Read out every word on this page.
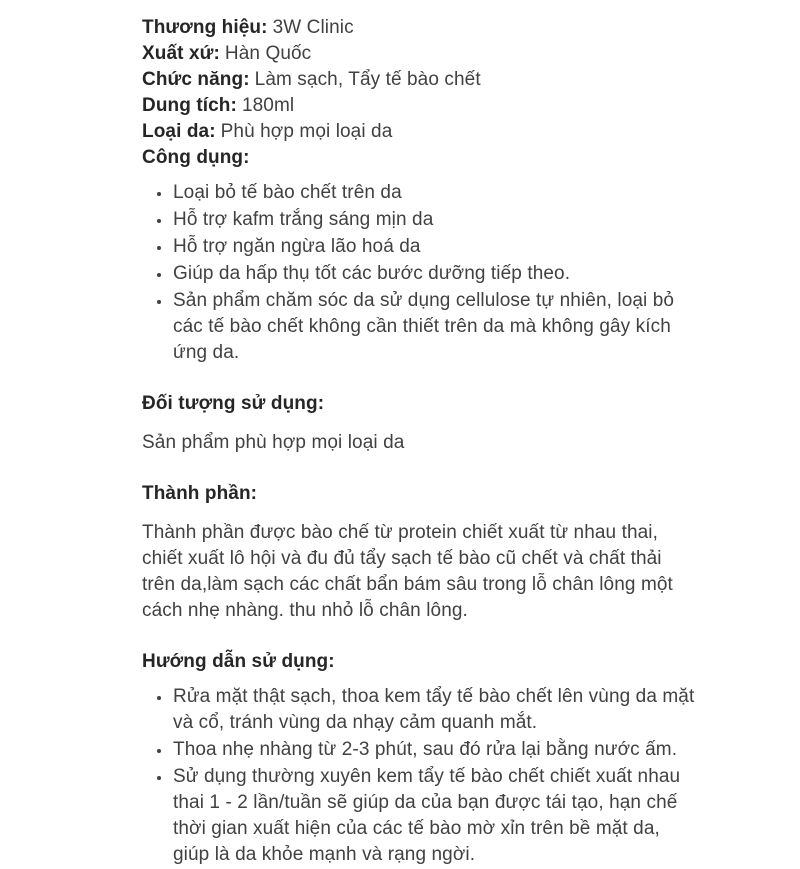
Thương hiệu: 3W Clinic
Xuất xứ: Hàn Quốc
Chức năng: Làm sạch, Tẩy tế bào chết
Dung tích: 180ml
Loại da: Phù hợp mọi loại da
Công dụng:
• Loại bỏ tế bào chết trên da
• Hỗ trợ kafm trắng sáng mịn da
• Hỗ trợ ngăn ngừa lão hoá da
• Giúp da hấp thụ tốt các bước dưỡng tiếp theo.
• Sản phẩm chăm sóc da sử dụng cellulose tự nhiên, loại bỏ các tế bào chết không cần thiết trên da mà không gây kích ứng da.
Đối tượng sử dụng:

Sản phẩm phù hợp mọi loại da

Thành phần:

Thành phần được bào chế từ protein chiết xuất từ nhau thai, chiết xuất lô hội và đu đủ tẩy sạch tế bào cũ chết và chất thải trên da,làm sạch các chất bẩn bám sâu trong lỗ chân lông một cách nhẹ nhàng. thu nhỏ lỗ chân lông.

Hướng dẫn sử dụng:
• Rửa mặt thật sạch, thoa kem tẩy tế bào chết lên vùng da mặt và cổ, tránh vùng da nhạy cảm quanh mắt.
• Thoa nhẹ nhàng từ 2-3 phút, sau đó rửa lại bằng nước ấm.
• Sử dụng thường xuyên kem tẩy tế bào chết chiết xuất nhau thai 1 - 2 lần/tuần sẽ giúp da của bạn được tái tạo, hạn chế thời gian xuất hiện của các tế bào mờ xỉn trên bề mặt da, giúp là da khỏe mạnh và rạng ngời.
